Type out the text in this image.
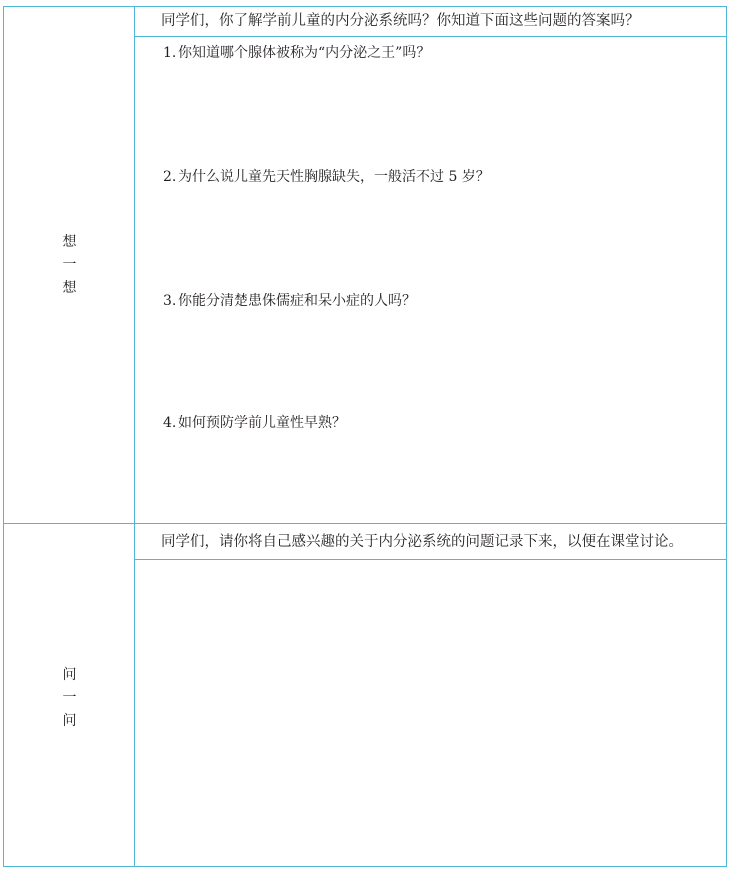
想
一
想
同学们，你了解学前儿童的内分泌系统吗？你知道下面这些问题的答案吗？
1. 你知道哪个腺体被称为“内分泌之王”吗？
2. 为什么说儿童先天性胸腺缺失，一般活不过 5 岁？
3. 你能分清楚患侏儒症和呆小症的人吗？
4. 如何预防学前儿童性早熟？
问
一
问
同学们，请你将自己感兴趣的关于内分泌系统的问题记录下来，以便在课堂讨论。
